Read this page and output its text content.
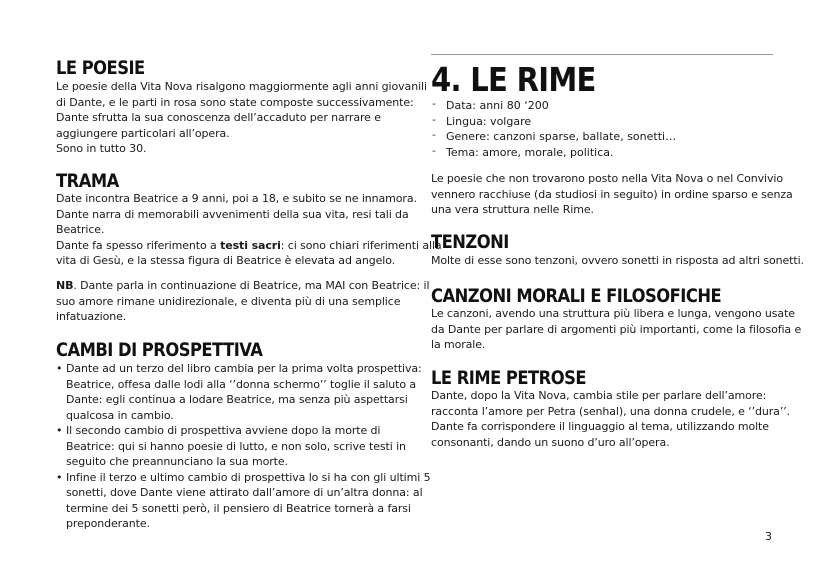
LE POESIE

Le poesie della Vita Nova risalgono maggiormente agli anni giovanili
di Dante, e le parti in rosa sono state composte successivamente:
Dante sfrutta la sua conoscenza dell’accaduto per narrare e
aggiungere particolari all’opera.
Sono in tutto 30.

TRAMA

Date incontra Beatrice a 9 anni, poi a 18, e subito se ne innamora.
Dante narra di memorabili avvenimenti della sua vita, resi tali da
Beatrice.
Dante fa spesso riferimento a testi sacri: ci sono chiari riferimenti alla
vita di Gesù, e la stessa figura di Beatrice è elevata ad angelo.

NB. Dante parla in continuazione di Beatrice, ma MAI con Beatrice: il
suo amore rimane unidirezionale, e diventa più di una semplice
infatuazione.

CAMBI DI PROSPETTIVA
• Dante ad un terzo del libro cambia per la prima volta prospettiva:
Beatrice, offesa dalle lodi alla ‘’donna schermo’’ toglie il saluto a
Dante: egli continua a lodare Beatrice, ma senza più aspettarsi
qualcosa in cambio.
• Il secondo cambio di prospettiva avviene dopo la morte di
Beatrice: qui si hanno poesie di lutto, e non solo, scrive testi in
seguito che preannunciano la sua morte.
• Infine il terzo e ultimo cambio di prospettiva lo si ha con gli ultimi 5
sonetti, dove Dante viene attirato dall’amore di un’altra donna: al
termine dei 5 sonetti però, il pensiero di Beatrice tornerà a farsi
preponderante.
4. LE RIME
- Data: anni 80 ‘200
- Lingua: volgare
- Genere: canzoni sparse, ballate, sonetti…
- Tema: amore, morale, politica.

Le poesie che non trovarono posto nella Vita Nova o nel Convivio
vennero racchiuse (da studiosi in seguito) in ordine sparso e senza
una vera struttura nelle Rime.

TENZONI

Molte di esse sono tenzoni, ovvero sonetti in risposta ad altri sonetti.

CANZONI MORALI E FILOSOFICHE

Le canzoni, avendo una struttura più libera e lunga, vengono usate
da Dante per parlare di argomenti più importanti, come la filosofia e
la morale.

LE RIME PETROSE

Dante, dopo la Vita Nova, cambia stile per parlare dell’amore:
racconta l’amore per Petra (senhal), una donna crudele, e ‘’dura’’.
Dante fa corrispondere il linguaggio al tema, utilizzando molte
consonanti, dando un suono d’uro all’opera.

3
